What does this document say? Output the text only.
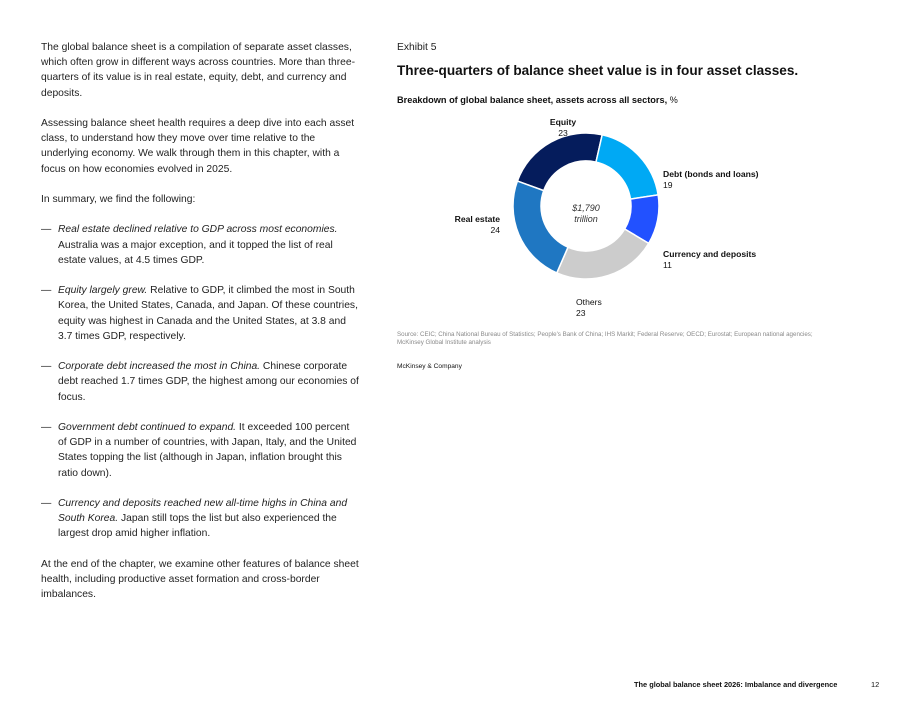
The global balance sheet is a compilation of separate asset classes, which often grow in different ways across countries. More than three-quarters of its value is in real estate, equity, debt, and currency and deposits.

Assessing balance sheet health requires a deep dive into each asset class, to understand how they move over time relative to the underlying economy. We walk through them in this chapter, with a focus on how economies evolved in 2025.

In summary, we find the following:

— Real estate declined relative to GDP across most economies. Australia was a major exception, and it topped the list of real estate values, at 4.5 times GDP.
— Equity largely grew. Relative to GDP, it climbed the most in South Korea, the United States, Canada, and Japan. Of these countries, equity was highest in Canada and the United States, at 3.8 and 3.7 times GDP, respectively.
— Corporate debt increased the most in China. Chinese corporate debt reached 1.7 times GDP, the highest among our economies of focus.
— Government debt continued to expand. It exceeded 100 percent of GDP in a number of countries, with Japan, Italy, and the United States topping the list (although in Japan, inflation brought this ratio down).
— Currency and deposits reached new all-time highs in China and South Korea. Japan still tops the list but also experienced the largest drop amid higher inflation.

At the end of the chapter, we examine other features of balance sheet health, including productive asset formation and cross-border imbalances.

Exhibit 5
Three-quarters of balance sheet value is in four asset classes.
Breakdown of global balance sheet, assets across all sectors, %
$1,790
trillion
Equity
23
Debt (bonds and loans)
19
Currency and deposits
11
Others
23
Real estate
24
Source: CEIC; China National Bureau of Statistics; People's Bank of China; IHS Markit; Federal Reserve; OECD; Eurostat; European national agencies; McKinsey Global Institute analysis
McKinsey & Company
The global balance sheet 2026: Imbalance and divergence	12
